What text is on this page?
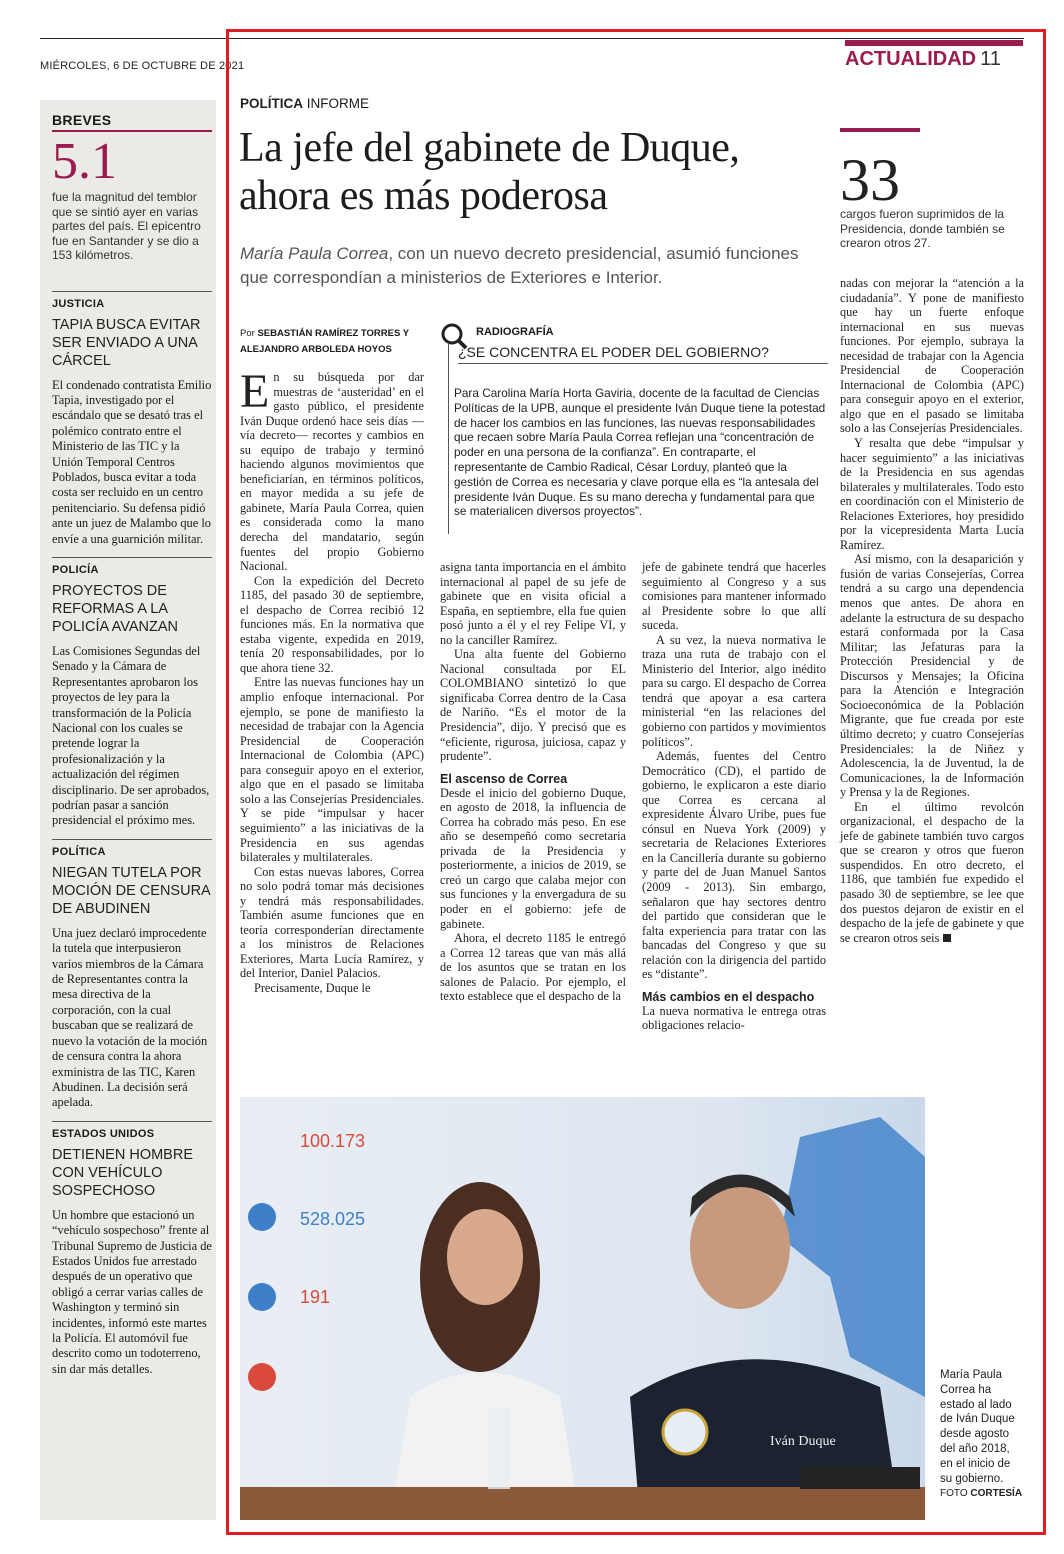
MIÉRCOLES, 6 DE OCTUBRE DE 2021	ACTUALIDAD 11
BREVES
5.1
fue la magnitud del temblor que se sintió ayer en varias partes del país. El epicentro fue en Santander y se dio a 153 kilómetros.
JUSTICIA
TAPIA BUSCA EVITAR SER ENVIADO A UNA CÁRCEL
El condenado contratista Emilio Tapia, investigado por el escándalo que se desató tras el polémico contrato entre el Ministerio de las TIC y la Unión Temporal Centros Poblados, busca evitar a toda costa ser recluido en un centro penitenciario. Su defensa pidió ante un juez de Malambo que lo envíe a una guarnición militar.
POLICÍA
PROYECTOS DE REFORMAS A LA POLICÍA AVANZAN
Las Comisiones Segundas del Senado y la Cámara de Representantes aprobaron los proyectos de ley para la transformación de la Policía Nacional con los cuales se pretende lograr la profesionalización y la actualización del régimen disciplinario. De ser aprobados, podrían pasar a sanción presidencial el próximo mes.
POLÍTICA
NIEGAN TUTELA POR MOCIÓN DE CENSURA DE ABUDINEN
Una juez declaró improcedente la tutela que interpusieron varios miembros de la Cámara de Representantes contra la mesa directiva de la corporación, con la cual buscaban que se realizará de nuevo la votación de la moción de censura contra la ahora exministra de las TIC, Karen Abudinen. La decisión será apelada.
ESTADOS UNIDOS
DETIENEN HOMBRE CON VEHÍCULO SOSPECHOSO
Un hombre que estacionó un “vehículo sospechoso” frente al Tribunal Supremo de Justicia de Estados Unidos fue arrestado después de un operativo que obligó a cerrar varias calles de Washington y terminó sin incidentes, informó este martes la Policía. El automóvil fue descrito como un todoterreno, sin dar más detalles.
POLÍTICA INFORME
La jefe del gabinete de Duque, ahora es más poderosa
María Paula Correa, con un nuevo decreto presidencial, asumió funciones que correspondían a ministerios de Exteriores e Interior.
33
cargos fueron suprimidos de la Presidencia, donde también se crearon otros 27.
Por SEBASTIÁN RAMÍREZ TORRES Y ALEJANDRO ARBOLEDA HOYOS
RADIOGRAFÍA
¿SE CONCENTRA EL PODER DEL GOBIERNO?
Para Carolina María Horta Gaviria, docente de la facultad de Ciencias Políticas de la UPB, aunque el presidente Iván Duque tiene la potestad de hacer los cambios en las funciones, las nuevas responsabilidades que recaen sobre María Paula Correa reflejan una “concentración de poder en una persona de la confianza”. En contraparte, el representante de Cambio Radical, César Lorduy, planteó que la gestión de Correa es necesaria y clave porque ella es “la antesala del presidente Iván Duque. Es su mano derecha y fundamental para que se materialicen diversos proyectos”.

En su búsqueda por dar muestras de ‘austeridad’ en el gasto público, el presidente Iván Duque ordenó hace seis días —vía decreto— recortes y cambios en su equipo de trabajo y terminó haciendo algunos movimientos que beneficiarían, en términos políticos, en mayor medida a su jefe de gabinete, María Paula Correa, quien es considerada como la mano derecha del mandatario, según fuentes del propio Gobierno Nacional.

Con la expedición del Decreto 1185, del pasado 30 de septiembre, el despacho de Correa recibió 12 funciones más. En la normativa que estaba vigente, expedida en 2019, tenía 20 responsabilidades, por lo que ahora tiene 32.

Entre las nuevas funciones hay un amplio enfoque internacional. Por ejemplo, se pone de manifiesto la necesidad de trabajar con la Agencia Presidencial de Cooperación Internacional de Colombia (APC) para conseguir apoyo en el exterior, algo que en el pasado se limitaba solo a las Consejerías Presidenciales. Y se pide “impulsar y hacer seguimiento” a las iniciativas de la Presidencia en sus agendas bilaterales y multilaterales.

Con estas nuevas labores, Correa no solo podrá tomar más decisiones y tendrá más responsabilidades. También asume funciones que en teoría corresponderían directamente a los ministros de Relaciones Exteriores, Marta Lucía Ramírez, y del Interior, Daniel Palacios.

Precisamente, Duque le

asigna tanta importancia en el ámbito internacional al papel de su jefe de gabinete que en visita oficial a España, en septiembre, ella fue quien posó junto a él y el rey Felipe VI, y no la canciller Ramírez.

Una alta fuente del Gobierno Nacional consultada por EL COLOMBIANO sintetizó lo que significaba Correa dentro de la Casa de Nariño. “Es el motor de la Presidencia”, dijo. Y precisó que es “eficiente, rigurosa, juiciosa, capaz y prudente”.

El ascenso de Correa

Desde el inicio del gobierno Duque, en agosto de 2018, la influencia de Correa ha cobrado más peso. En ese año se desempeñó como secretaria privada de la Presidencia y posteriormente, a inicios de 2019, se creó un cargo que calaba mejor con sus funciones y la envergadura de su poder en el gobierno: jefe de gabinete.

Ahora, el decreto 1185 le entregó a Correa 12 tareas que van más allá de los asuntos que se tratan en los salones de Palacio. Por ejemplo, el texto establece que el despacho de la

jefe de gabinete tendrá que hacerles seguimiento al Congreso y a sus comisiones para mantener informado al Presidente sobre lo que allí suceda.

A su vez, la nueva normativa le traza una ruta de trabajo con el Ministerio del Interior, algo inédito para su cargo. El despacho de Correa tendrá que apoyar a esa cartera ministerial “en las relaciones del gobierno con partidos y movimientos políticos”.

Además, fuentes del Centro Democrático (CD), el partido de gobierno, le explicaron a este diario que Correa es cercana al expresidente Álvaro Uribe, pues fue cónsul en Nueva York (2009) y secretaria de Relaciones Exteriores en la Cancillería durante su gobierno y parte del de Juan Manuel Santos (2009 - 2013). Sin embargo, señalaron que hay sectores dentro del partido que consideran que le falta experiencia para tratar con las bancadas del Congreso y que su relación con la dirigencia del partido es “distante”.

Más cambios en el despacho

La nueva normativa le entrega otras obligaciones relacio-

nadas con mejorar la “atención a la ciudadanía”. Y pone de manifiesto que hay un fuerte enfoque internacional en sus nuevas funciones. Por ejemplo, subraya la necesidad de trabajar con la Agencia Presidencial de Cooperación Internacional de Colombia (APC) para conseguir apoyo en el exterior, algo que en el pasado se limitaba solo a las Consejerías Presidenciales.

Y resalta que debe “impulsar y hacer seguimiento” a las iniciativas de la Presidencia en sus agendas bilaterales y multilaterales. Todo esto en coordinación con el Ministerio de Relaciones Exteriores, hoy presidido por la vicepresidenta Marta Lucía Ramírez.

Así mismo, con la desaparición y fusión de varias Consejerías, Correa tendrá a su cargo una dependencia menos que antes. De ahora en adelante la estructura de su despacho estará conformada por la Casa Militar; las Jefaturas para la Protección Presidencial y de Discursos y Mensajes; la Oficina para la Atención e Integración Socioeconómica de la Población Migrante, que fue creada por este último decreto; y cuatro Consejerías Presidenciales: la de Niñez y Adolescencia, la de Juventud, la de Comunicaciones, la de Información y Prensa y la de Regiones.

En el último revolcón organizacional, el despacho de la jefe de gabinete también tuvo cargos que se crearon y otros que fueron suspendidos. En otro decreto, el 1186, que también fue expedido el pasado 30 de septiembre, se lee que dos puestos dejaron de existir en el despacho de la jefe de gabinete y que se crearon otros seis

100.173
528.025
191
Iván Duque
María Paula Correa ha estado al lado de Iván Duque desde agosto del año 2018, en el inicio de su gobierno.
FOTO CORTESÍA
